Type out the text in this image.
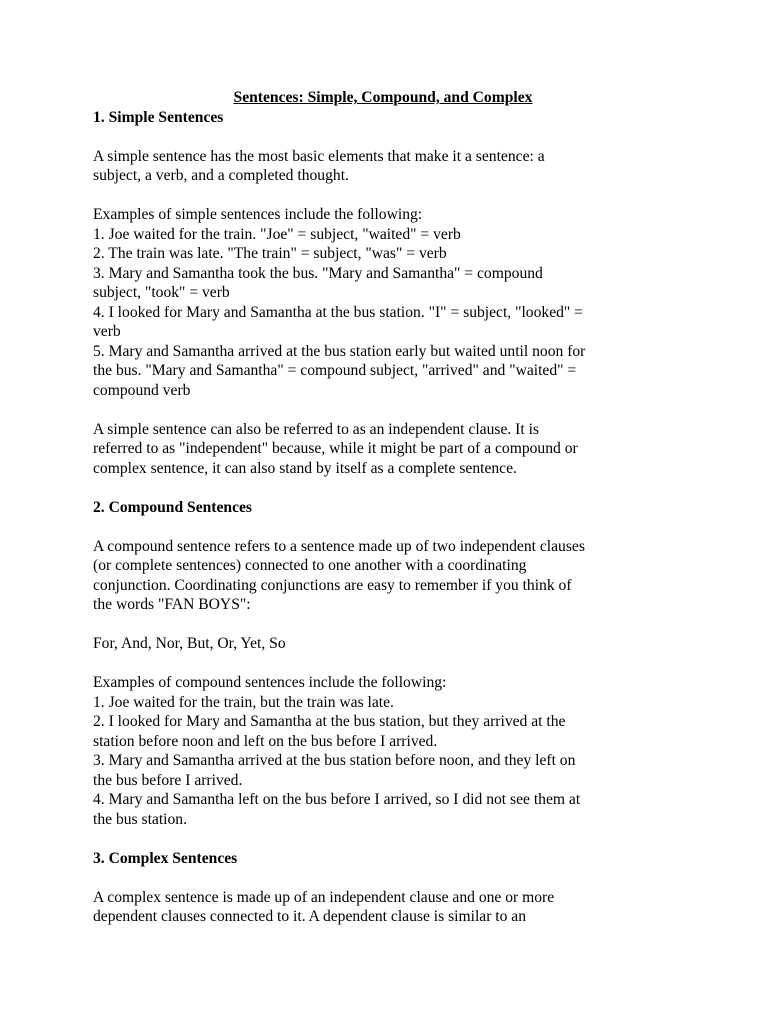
Sentences: Simple, Compound, and Complex

1. Simple Sentences

A simple sentence has the most basic elements that make it a sentence: a
subject, a verb, and a completed thought.
Examples of simple sentences include the following:
1. Joe waited for the train. "Joe" = subject, "waited" = verb
2. The train was late. "The train" = subject, "was" = verb
3. Mary and Samantha took the bus. "Mary and Samantha" = compound
subject, "took" = verb
4. I looked for Mary and Samantha at the bus station. "I" = subject, "looked" =
verb
5. Mary and Samantha arrived at the bus station early but waited until noon for
the bus. "Mary and Samantha" = compound subject, "arrived" and "waited" =
compound verb
A simple sentence can also be referred to as an independent clause. It is
referred to as "independent" because, while it might be part of a compound or
complex sentence, it can also stand by itself as a complete sentence.

2. Compound Sentences

A compound sentence refers to a sentence made up of two independent clauses
(or complete sentences) connected to one another with a coordinating
conjunction. Coordinating conjunctions are easy to remember if you think of
the words "FAN BOYS":
For, And, Nor, But, Or, Yet, So
Examples of compound sentences include the following:
1. Joe waited for the train, but the train was late.
2. I looked for Mary and Samantha at the bus station, but they arrived at the
station before noon and left on the bus before I arrived.
3. Mary and Samantha arrived at the bus station before noon, and they left on
the bus before I arrived.
4. Mary and Samantha left on the bus before I arrived, so I did not see them at
the bus station.

3. Complex Sentences

A complex sentence is made up of an independent clause and one or more
dependent clauses connected to it. A dependent clause is similar to an
